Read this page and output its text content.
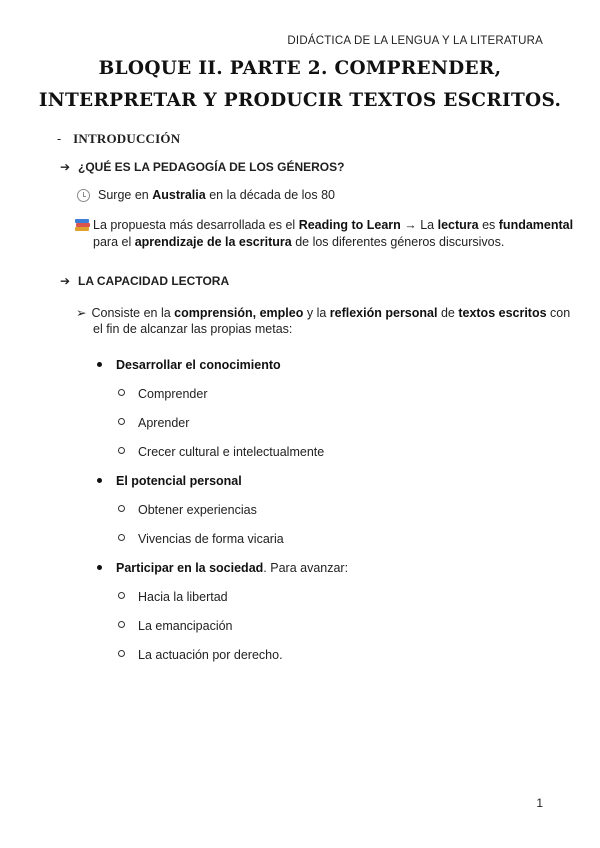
DIDÁCTICA DE LA LENGUA Y LA LITERATURA
BLOQUE II. PARTE 2. COMPRENDER,
INTERPRETAR Y PRODUCIR TEXTOS ESCRITOS.
- INTRODUCCIÓN
➔ ¿QUÉ ES LA PEDAGOGÍA DE LOS GÉNEROS?
Surge en Australia en la década de los 80
La propuesta más desarrollada es el Reading to Learn → La lectura es fundamental
para el aprendizaje de la escritura de los diferentes géneros discursivos.
➔ LA CAPACIDAD LECTORA
➢ Consiste en la comprensión, empleo y la reflexión personal de textos escritos con
el fin de alcanzar las propias metas:
Desarrollar el conocimiento
Comprender
Aprender
Crecer cultural e intelectualmente
El potencial personal
Obtener experiencias
Vivencias de forma vicaria
Participar en la sociedad. Para avanzar:
Hacia la libertad
La emancipación
La actuación por derecho.
1
